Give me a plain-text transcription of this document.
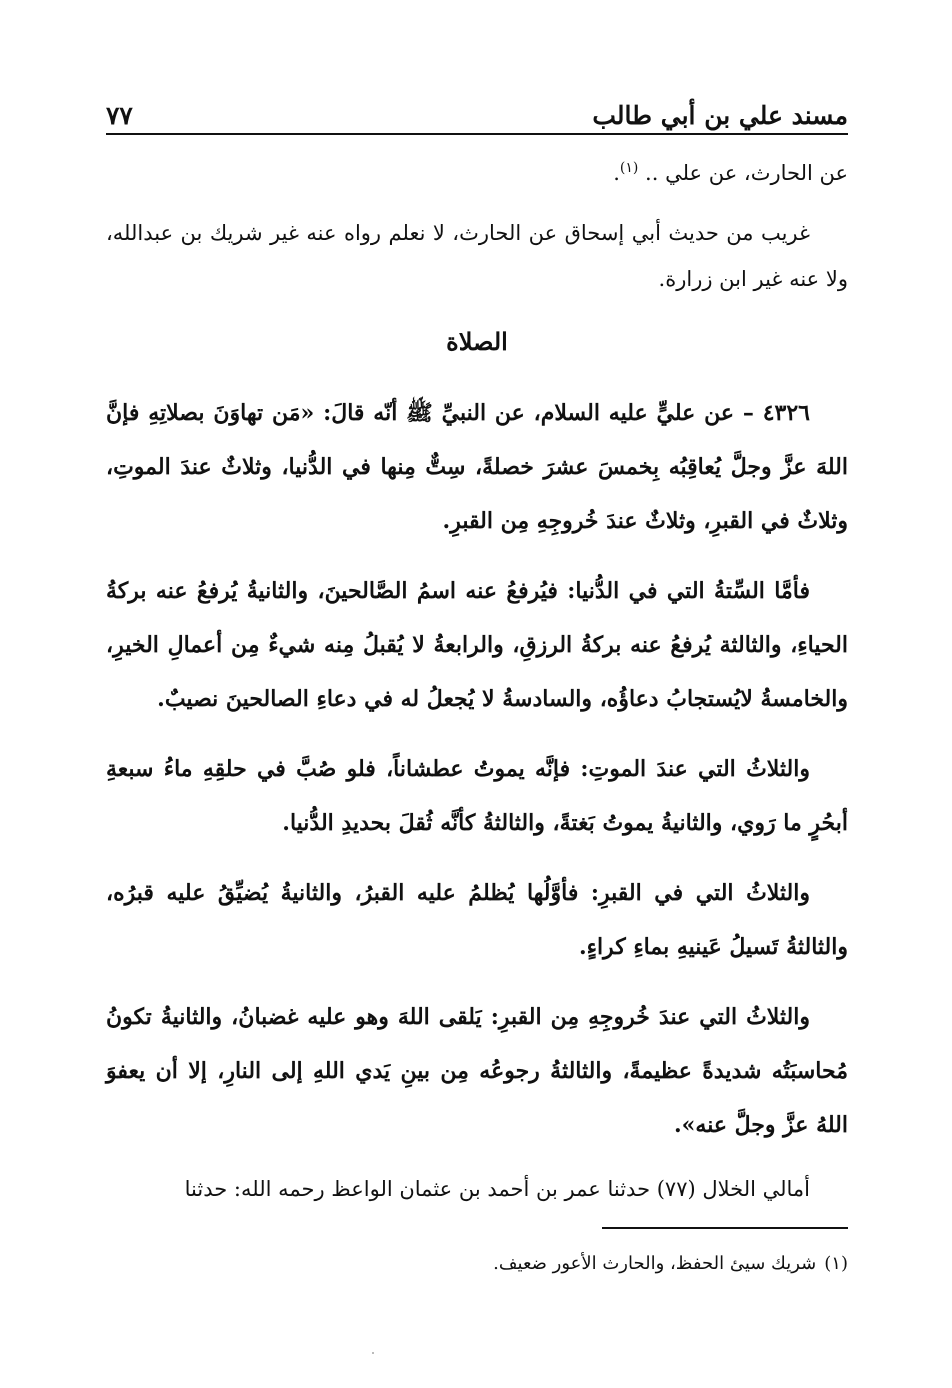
مسند علي بن أبي طالب
٧٧

عن الحارث، عن علي .. $^{(١)}$.

غريب من حديث أبي إسحاق عن الحارث، لا نعلم رواه عنه غير شريك بن عبدالله، ولا عنه غير ابن زرارة.

الصلاة

٤٣٢٦ – عن عليٍّ عليه السلام، عن النبيِّ ﷺ أنّه قالَ: «مَن تهاوَنَ بصلاتِهِ فإنَّ اللهَ عزَّ وجلَّ يُعاقِبُه بِخمسَ عشرَ خصلةً، سِتٌّ مِنها في الدُّنيا، وثلاثٌ عندَ الموتِ، وثلاثٌ في القبرِ، وثلاثٌ عندَ خُروجِهِ مِن القبرِ.

فأمَّا السِّتةُ التي في الدُّنيا: فيُرفعُ عنه اسمُ الصَّالحينَ، والثانيةُ يُرفعُ عنه بركةُ الحياءِ، والثالثة يُرفعُ عنه بركةُ الرزقِ، والرابعةُ لا يُقبلُ مِنه شيءٌ مِن أعمالِ الخيرِ، والخامسةُ لايُستجابُ دعاؤُه، والسادسةُ لا يُجعلُ له في دعاءِ الصالحينَ نصيبٌ.

والثلاثُ التي عندَ الموتِ: فإنَّه يموتُ عطشاناً، فلو صُبَّ في حلقِهِ ماءُ سبعةِ أبحُرٍ ما رَوي، والثانيةُ يموتُ بَغتةً، والثالثةُ كأنَّه ثُقلَ بحديدِ الدُّنيا.

والثلاثُ التي في القبرِ: فأوَّلُها يُظلمُ عليه القبرُ، والثانيةُ يُضيِّقُ عليه قبرُه، والثالثةُ تَسيلُ عَينيهِ بماءِ كراءٍ.

والثلاثُ التي عندَ خُروجِهِ مِن القبرِ: يَلقى اللهَ وهو عليه غضبانُ، والثانيةُ تكونُ مُحاسبَتُه شديدةً عظيمةً، والثالثةُ رجوعُه مِن بينِ يَدي اللهِ إلى النارِ، إلا أن يعفوَ اللهُ عزَّ وجلَّ عنه».

أمالي الخلال (٧٧) حدثنا عمر بن أحمد بن عثمان الواعظ رحمه الله: حدثنا

(١)شريك سيئ الحفظ، والحارث الأعور ضعيف.
